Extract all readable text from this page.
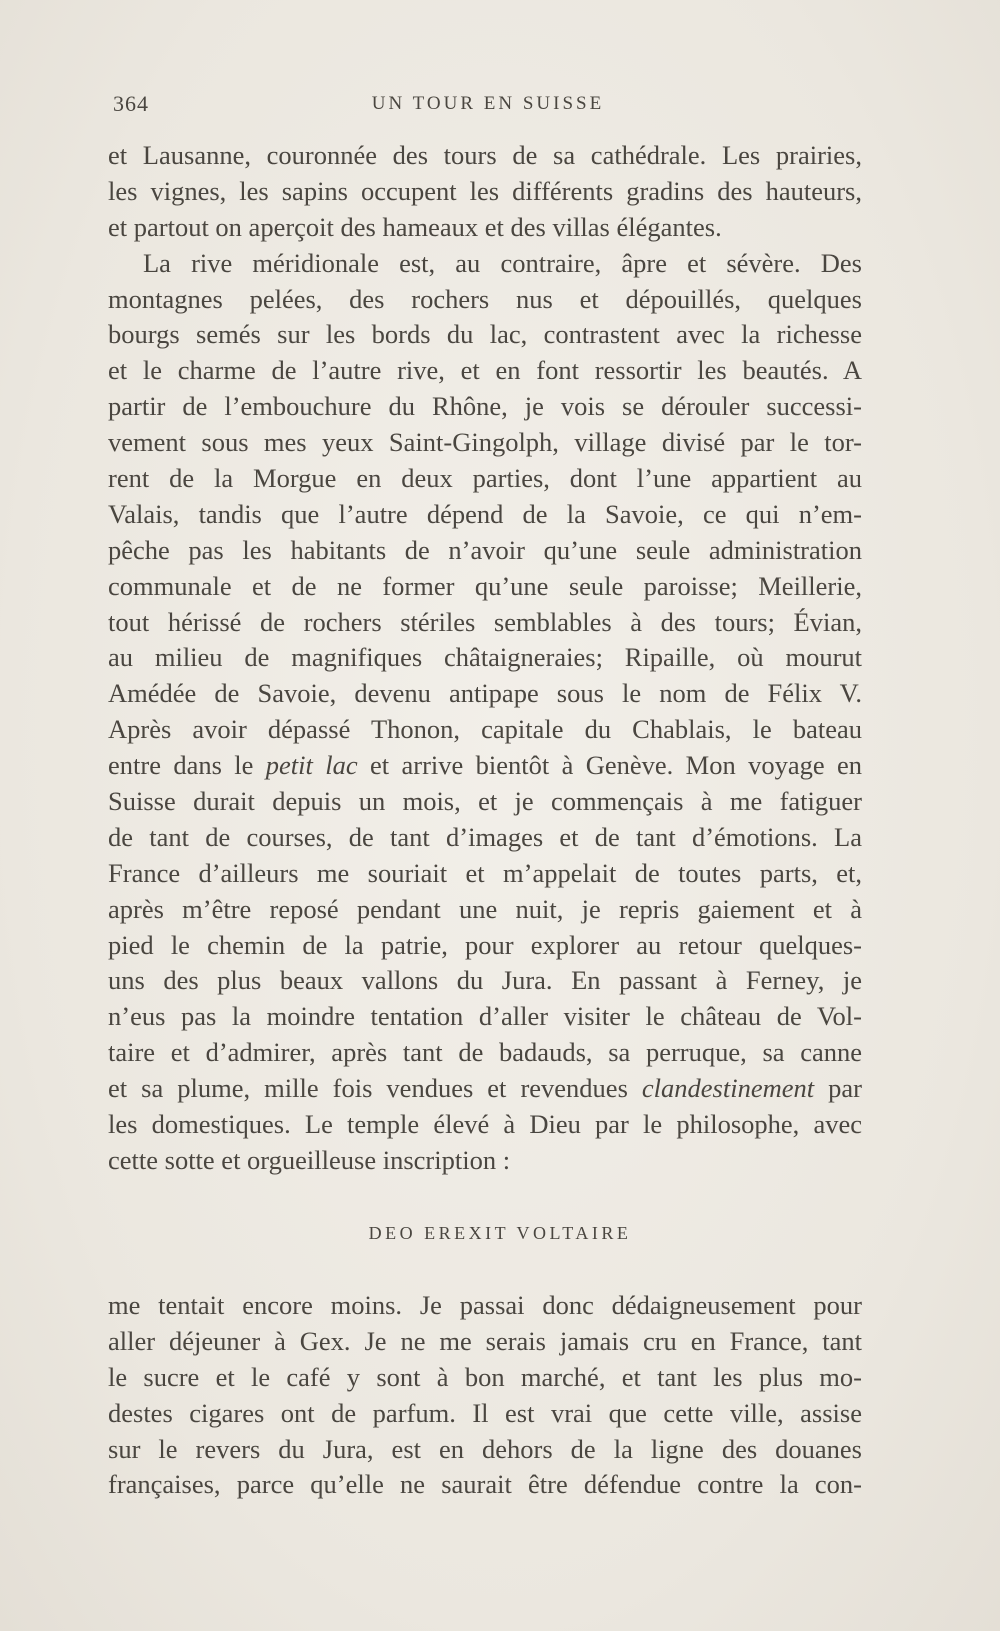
364	UN TOUR EN SUISSE
et Lausanne, couronnée des tours de sa cathédrale. Les prairies,
les vignes, les sapins occupent les différents gradins des hauteurs,
et partout on aperçoit des hameaux et des villas élégantes.
La rive méridionale est, au contraire, âpre et sévère. Des
montagnes pelées, des rochers nus et dépouillés, quelques
bourgs semés sur les bords du lac, contrastent avec la richesse
et le charme de l’autre rive, et en font ressortir les beautés. A
partir de l’embouchure du Rhône, je vois se dérouler successi-
vement sous mes yeux Saint-Gingolph, village divisé par le tor-
rent de la Morgue en deux parties, dont l’une appartient au
Valais, tandis que l’autre dépend de la Savoie, ce qui n’em-
pêche pas les habitants de n’avoir qu’une seule administration
communale et de ne former qu’une seule paroisse; Meillerie,
tout hérissé de rochers stériles semblables à des tours; Évian,
au milieu de magnifiques châtaigneraies; Ripaille, où mourut
Amédée de Savoie, devenu antipape sous le nom de Félix V.
Après avoir dépassé Thonon, capitale du Chablais, le bateau
entre dans le petit lac et arrive bientôt à Genève. Mon voyage en
Suisse durait depuis un mois, et je commençais à me fatiguer
de tant de courses, de tant d’images et de tant d’émotions. La
France d’ailleurs me souriait et m’appelait de toutes parts, et,
après m’être reposé pendant une nuit, je repris gaiement et à
pied le chemin de la patrie, pour explorer au retour quelques-
uns des plus beaux vallons du Jura. En passant à Ferney, je
n’eus pas la moindre tentation d’aller visiter le château de Vol-
taire et d’admirer, après tant de badauds, sa perruque, sa canne
et sa plume, mille fois vendues et revendues clandestinement par
les domestiques. Le temple élevé à Dieu par le philosophe, avec
cette sotte et orgueilleuse inscription :
DEO EREXIT VOLTAIRE
me tentait encore moins. Je passai donc dédaigneusement pour
aller déjeuner à Gex. Je ne me serais jamais cru en France, tant
le sucre et le café y sont à bon marché, et tant les plus mo-
destes cigares ont de parfum. Il est vrai que cette ville, assise
sur le revers du Jura, est en dehors de la ligne des douanes
françaises, parce qu’elle ne saurait être défendue contre la con-
